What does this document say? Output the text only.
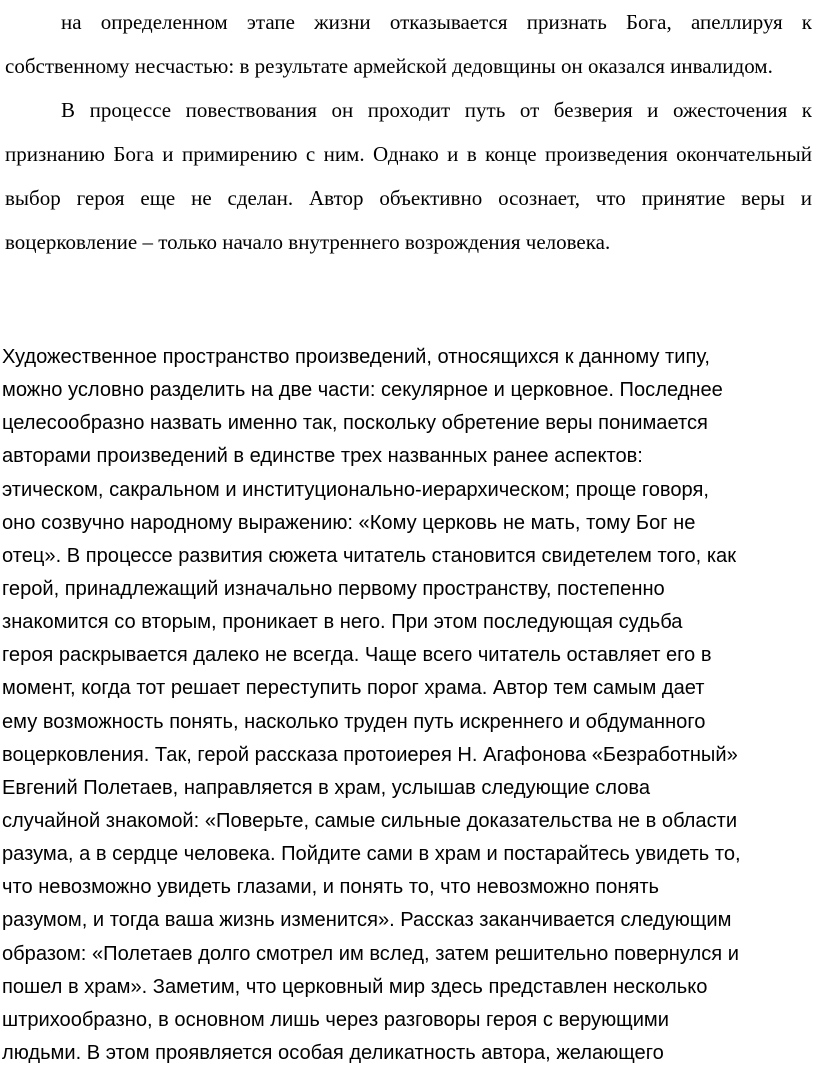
на определенном этапе жизни отказывается признать Бога, апеллируя к собственному несчастью: в результате армейской дедовщины он оказался инвалидом.

В процессе повествования он проходит путь от безверия и ожесточения к признанию Бога и примирению с ним. Однако и в конце произведения окончательный выбор героя еще не сделан. Автор объективно осознает, что принятие веры и воцерковление – только начало внутреннего возрождения человека.

Художественное пространство произведений, относящихся к данному типу,
можно условно разделить на две части: секулярное и церковное. Последнее
целесообразно назвать именно так, поскольку обретение веры понимается
авторами произведений в единстве трех названных ранее аспектов:
этическом, сакральном и институционально-иерархическом; проще говоря,
оно созвучно народному выражению: «Кому церковь не мать, тому Бог не
отец». В процессе развития сюжета читатель становится свидетелем того, как
герой, принадлежащий изначально первому пространству, постепенно
знакомится со вторым, проникает в него. При этом последующая судьба
героя раскрывается далеко не всегда. Чаще всего читатель оставляет его в
момент, когда тот решает переступить порог храма. Автор тем самым дает
ему возможность понять, насколько труден путь искреннего и обдуманного
воцерковления. Так, герой рассказа протоиерея Н. Агафонова «Безработный»
Евгений Полетаев, направляется в храм, услышав следующие слова
случайной знакомой: «Поверьте, самые сильные доказательства не в области
разума, а в сердце человека. Пойдите сами в храм и постарайтесь увидеть то,
что невозможно увидеть глазами, и понять то, что невозможно понять
разумом, и тогда ваша жизнь изменится». Рассказ заканчивается следующим
образом: «Полетаев долго смотрел им вслед, затем решительно повернулся и
пошел в храм». Заметим, что церковный мир здесь представлен несколько
штрихообразно, в основном лишь через разговоры героя с верующими
людьми. В этом проявляется особая деликатность автора, желающего
